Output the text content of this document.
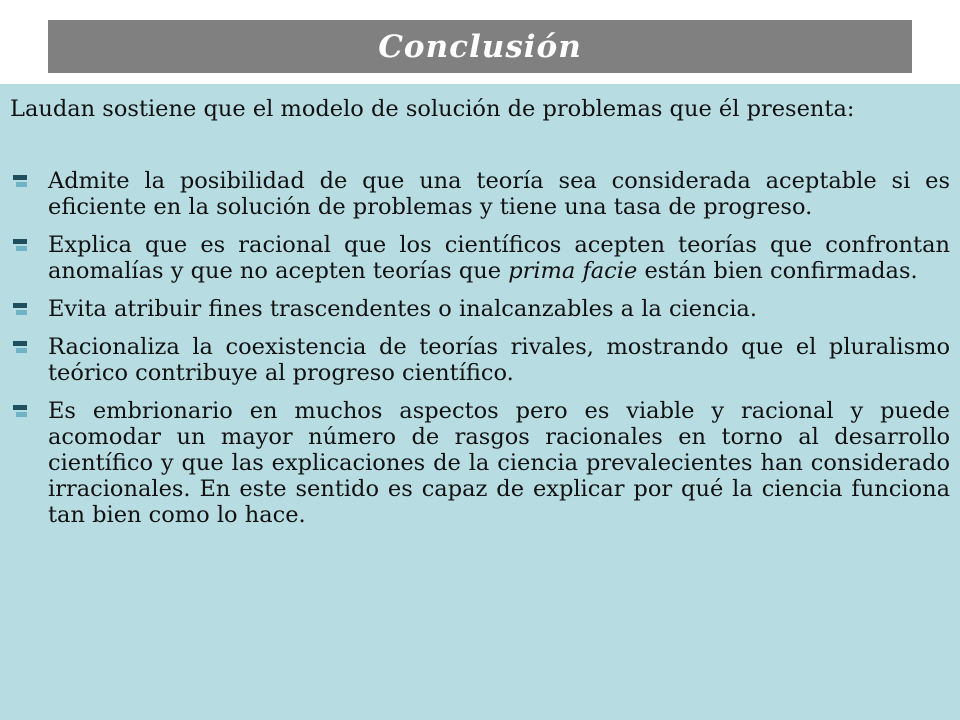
Conclusión

Laudan sostiene que el modelo de solución de problemas que él presenta:

Admite la posibilidad de que una teoría sea considerada aceptable si es eficiente en la solución de problemas y tiene una tasa de progreso.
Explica que es racional que los científicos acepten teorías que confrontan anomalías y que no acepten teorías que prima facie están bien confirmadas.
Evita atribuir fines trascendentes o inalcanzables a la ciencia.
Racionaliza la coexistencia de teorías rivales, mostrando que el pluralismo teórico contribuye al progreso científico.
Es embrionario en muchos aspectos pero es viable y racional y puede acomodar un mayor número de rasgos racionales en torno al desarrollo científico y que las explicaciones de la ciencia prevalecientes han considerado irracionales. En este sentido es capaz de explicar por qué la ciencia funciona tan bien como lo hace.
